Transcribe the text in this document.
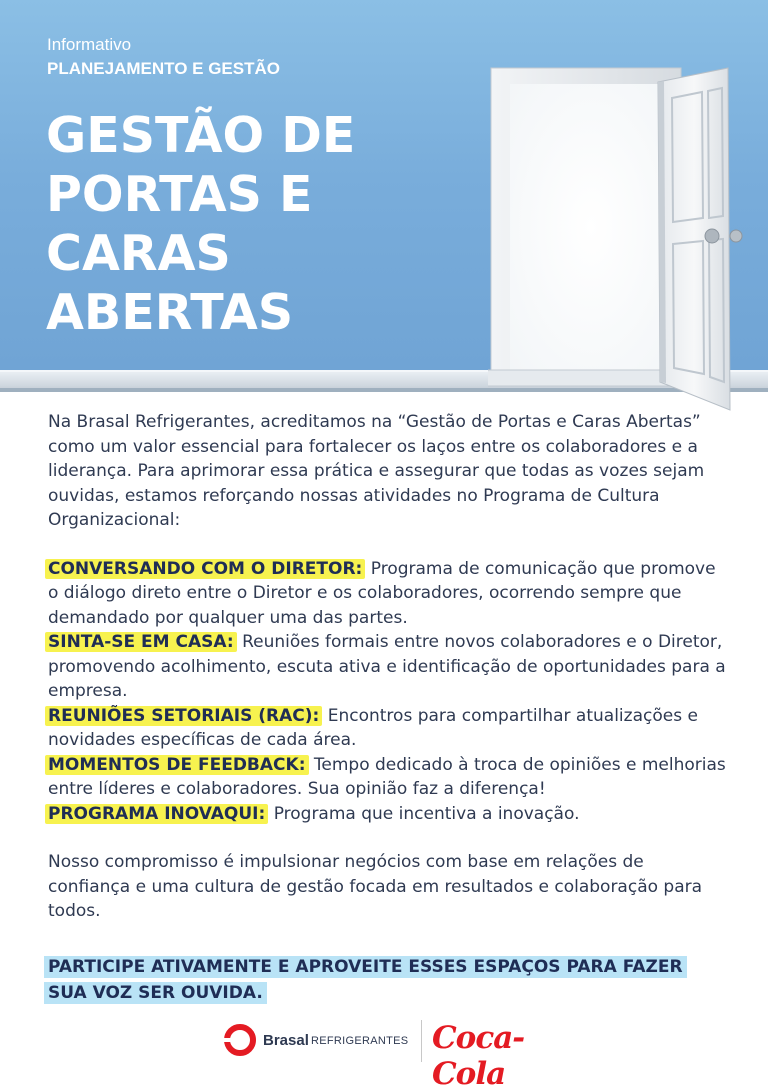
Informativo
PLANEJAMENTO E GESTÃO
GESTÃO DE
PORTAS E
CARAS
ABERTAS

Na Brasal Refrigerantes, acreditamos na “Gestão de Portas e Caras Abertas” como um valor essencial para fortalecer os laços entre os colaboradores e a liderança. Para aprimorar essa prática e assegurar que todas as vozes sejam ouvidas, estamos reforçando nossas atividades no Programa de Cultura Organizacional:

CONVERSANDO COM O DIRETOR: Programa de comunicação que promove o diálogo direto entre o Diretor e os colaboradores, ocorrendo sempre que demandado por qualquer uma das partes.

SINTA-SE EM CASA: Reuniões formais entre novos colaboradores e o Diretor, promovendo acolhimento, escuta ativa e identificação de oportunidades para a empresa.

REUNIÕES SETORIAIS (RAC): Encontros para compartilhar atualizações e novidades específicas de cada área.

MOMENTOS DE FEEDBACK: Tempo dedicado à troca de opiniões e melhorias entre líderes e colaboradores. Sua opinião faz a diferença!

PROGRAMA INOVAQUI: Programa que incentiva a inovação.

Nosso compromisso é impulsionar negócios com base em relações de confiança e uma cultura de gestão focada em resultados e colaboração para todos.

PARTICIPE ATIVAMENTE E APROVEITE ESSES ESPAÇOS PARA FAZER SUA VOZ SER OUVIDA.
Brasal REFRIGERANTES Coca-Cola
